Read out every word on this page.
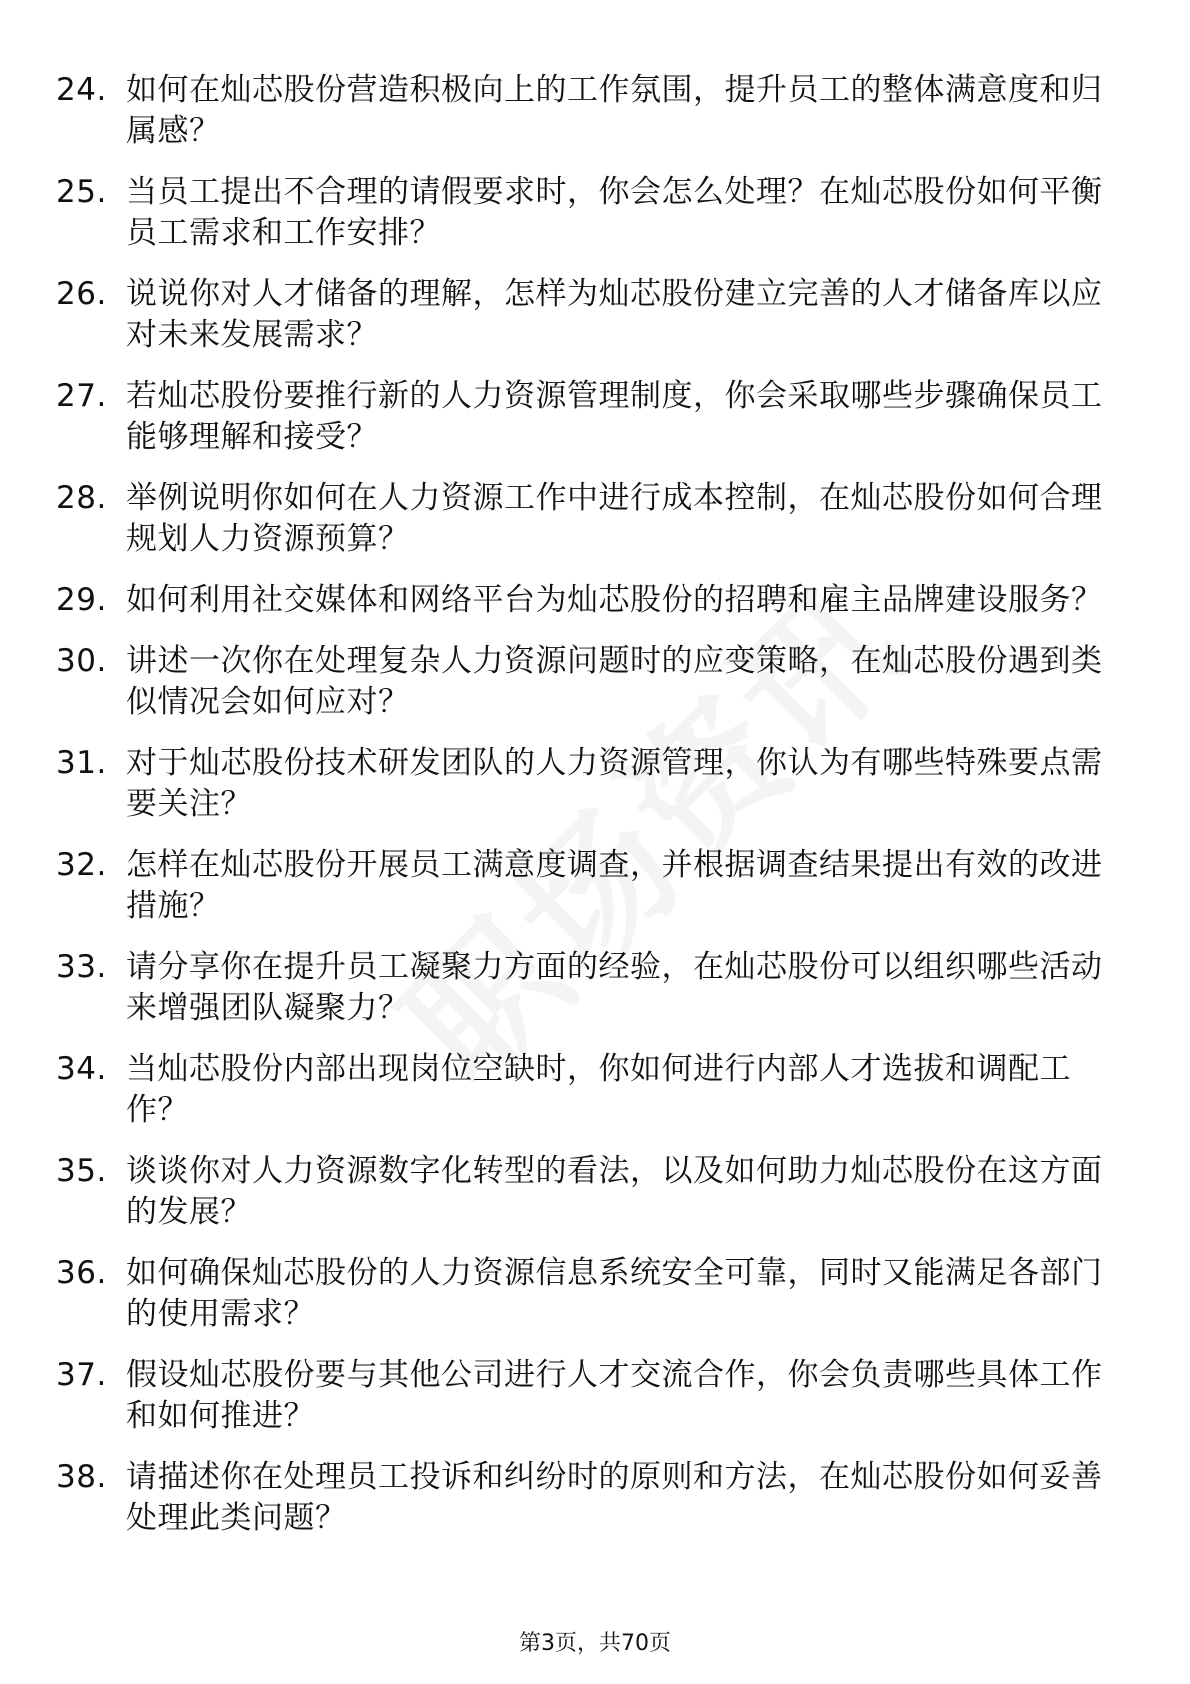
24. 如何在灿芯股份营造积极向上的工作氛围，提升员工的整体满意度和归属感？
25. 当员工提出不合理的请假要求时，你会怎么处理？在灿芯股份如何平衡员工需求和工作安排？
26. 说说你对人才储备的理解，怎样为灿芯股份建立完善的人才储备库以应对未来发展需求？
27. 若灿芯股份要推行新的人力资源管理制度，你会采取哪些步骤确保员工能够理解和接受？
28. 举例说明你如何在人力资源工作中进行成本控制，在灿芯股份如何合理规划人力资源预算？
29. 如何利用社交媒体和网络平台为灿芯股份的招聘和雇主品牌建设服务？
30. 讲述一次你在处理复杂人力资源问题时的应变策略，在灿芯股份遇到类似情况会如何应对？
31. 对于灿芯股份技术研发团队的人力资源管理，你认为有哪些特殊要点需要关注？
32. 怎样在灿芯股份开展员工满意度调查，并根据调查结果提出有效的改进措施？
33. 请分享你在提升员工凝聚力方面的经验，在灿芯股份可以组织哪些活动来增强团队凝聚力？
34. 当灿芯股份内部出现岗位空缺时，你如何进行内部人才选拔和调配工作？
35. 谈谈你对人力资源数字化转型的看法，以及如何助力灿芯股份在这方面的发展？
36. 如何确保灿芯股份的人力资源信息系统安全可靠，同时又能满足各部门的使用需求？
37. 假设灿芯股份要与其他公司进行人才交流合作，你会负责哪些具体工作和如何推进？
38. 请描述你在处理员工投诉和纠纷时的原则和方法，在灿芯股份如何妥善处理此类问题？
第3页，共70页
